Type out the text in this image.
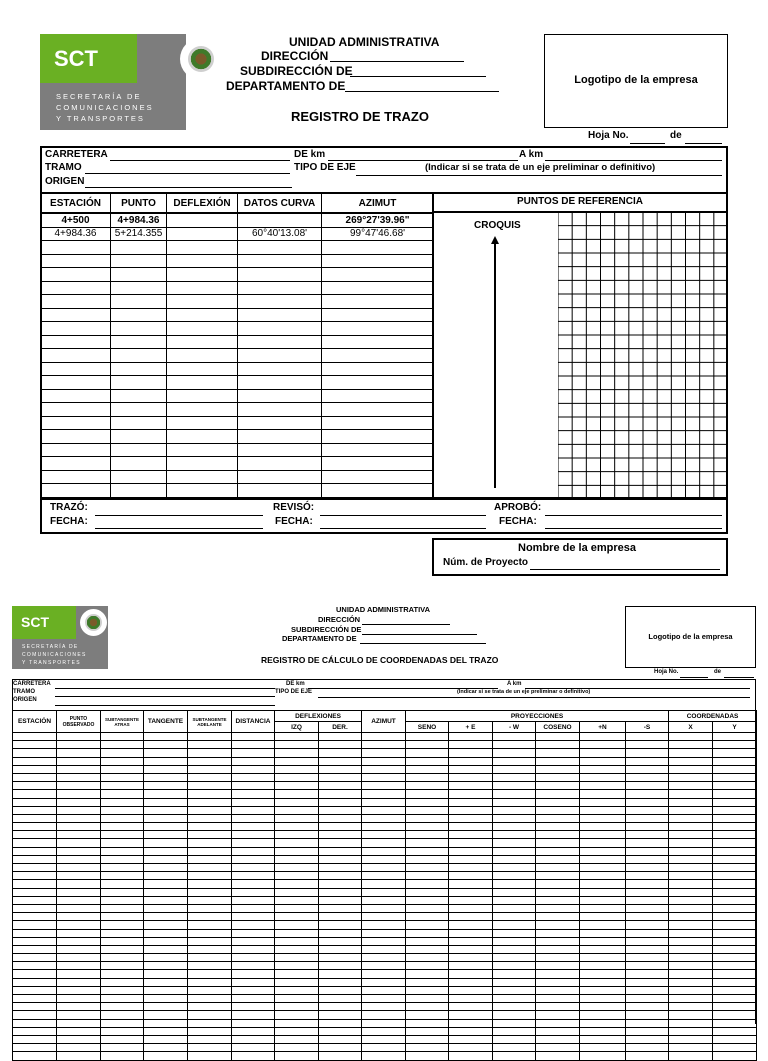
SCT
SECRETARÍA DE
COMUNICACIONES
Y TRANSPORTES
UNIDAD ADMINISTRATIVA
DIRECCIÓN
SUBDIRECCIÓN DE
DEPARTAMENTO DE
REGISTRO DE TRAZO
Logotipo de la empresa
Hoja No.	de
CARRETERA
TRAMO
ORIGEN
DE km	A km
TIPO DE EJE	(Indicar si se trata de un eje preliminar o definitivo)
ESTACIÓN	PUNTO	DEFLEXIÓN	DATOS CURVA	AZIMUT
4+500	4+984.36			269°27'39.96"
4+984.36	5+214.355		60°40'13.08'	99°47'46.68'

PUNTOS DE REFERENCIA
CROQUIS
TRAZÓ:
FECHA:
REVISÓ:
FECHA:
APROBÓ:
FECHA:
Nombre de la empresa
Núm. de Proyecto
SCT
SECRETARÍA DE
COMUNICACIONES
Y TRANSPORTES
UNIDAD ADMINISTRATIVA
DIRECCIÓN
SUBDIRECCIÓN DE
DEPARTAMENTO DE
REGISTRO DE CÁLCULO DE COORDENADAS DEL TRAZO
Logotipo de la empresa
Hoja No.	de
CARRETERA
TRAMO
ORIGEN
DE km	A km
TIPO DE EJE	(Indicar si se trata de un eje preliminar o definitivo)
ESTACIÓN	PUNTO OBSERVADO	SUBTANGENTE ATRAS	TANGENTE	SUBTANGENTE ADELANTE	DISTANCIA	DEFLEXIONES		AZIMUT	PROYECCIONES						COORDENADAS	
						IZQ	DER.		SENO	+ E	- W	COSENO	+N	-S	X	Y
